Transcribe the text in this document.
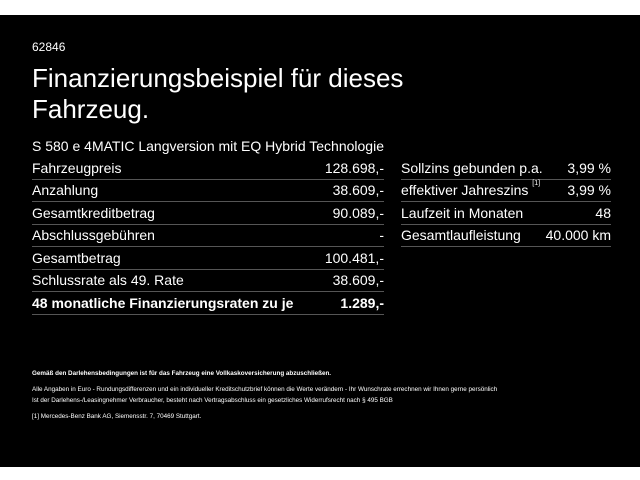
62846
Finanzierungsbeispiel für dieses Fahrzeug.
S 580 e 4MATIC Langversion mit EQ Hybrid Technologie
Fahrzeugpreis	128.698,-
Anzahlung	38.609,-
Gesamtkreditbetrag	90.089,-
Abschlussgebühren	-
Gesamtbetrag	100.481,-
Schlussrate als 49. Rate	38.609,-
48 monatliche Finanzierungsraten zu je	1.289,-
Sollzins gebunden p.a. 3,99 %
effektiver Jahreszins [1] 3,99 %
Laufzeit in Monaten	48
Gesamtlaufleistung 40.000 km

Gemäß den Darlehensbedingungen ist für das Fahrzeug eine Vollkaskoversicherung abzuschließen.

Alle Angaben in Euro - Rundungsdifferenzen und ein individueller Kreditschutzbrief können die Werte verändern - Ihr Wunschrate errechnen wir Ihnen gerne persönlich

Ist der Darlehens-/Leasingnehmer Verbraucher, besteht nach Vertragsabschluss ein gesetzliches Widerrufsrecht nach § 495 BGB

[1] Mercedes-Benz Bank AG, Siemensstr. 7, 70469 Stuttgart.
